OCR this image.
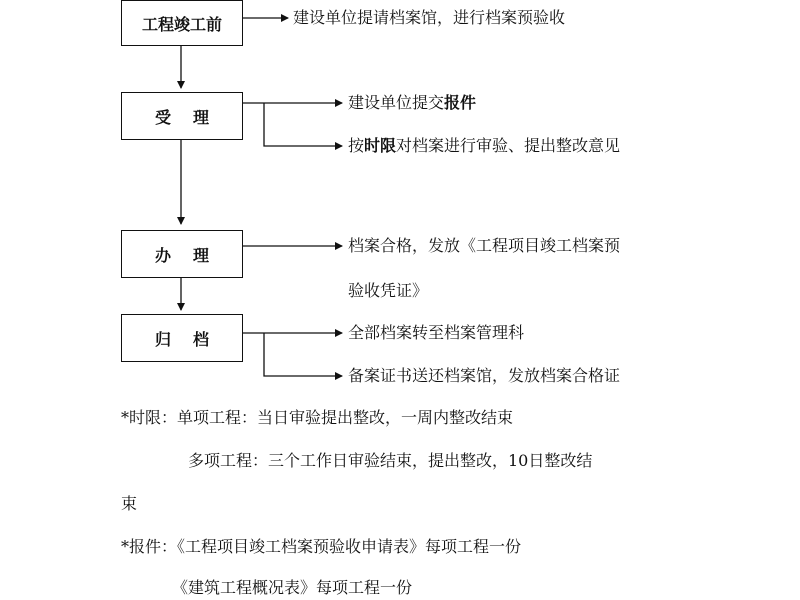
工程竣工前
受理
办理
归档
建设单位提请档案馆，进行档案预验收
建设单位提交报件
按时限对档案进行审验、提出整改意见
档案合格，发放《工程项目竣工档案预
验收凭证》
全部档案转至档案管理科
备案证书送还档案馆，发放档案合格证
*时限：单项工程：当日审验提出整改，一周内整改结束
多项工程：三个工作日审验结束，提出整改，10日整改结
束
*报件：《工程项目竣工档案预验收申请表》每项工程一份
《建筑工程概况表》每项工程一份
